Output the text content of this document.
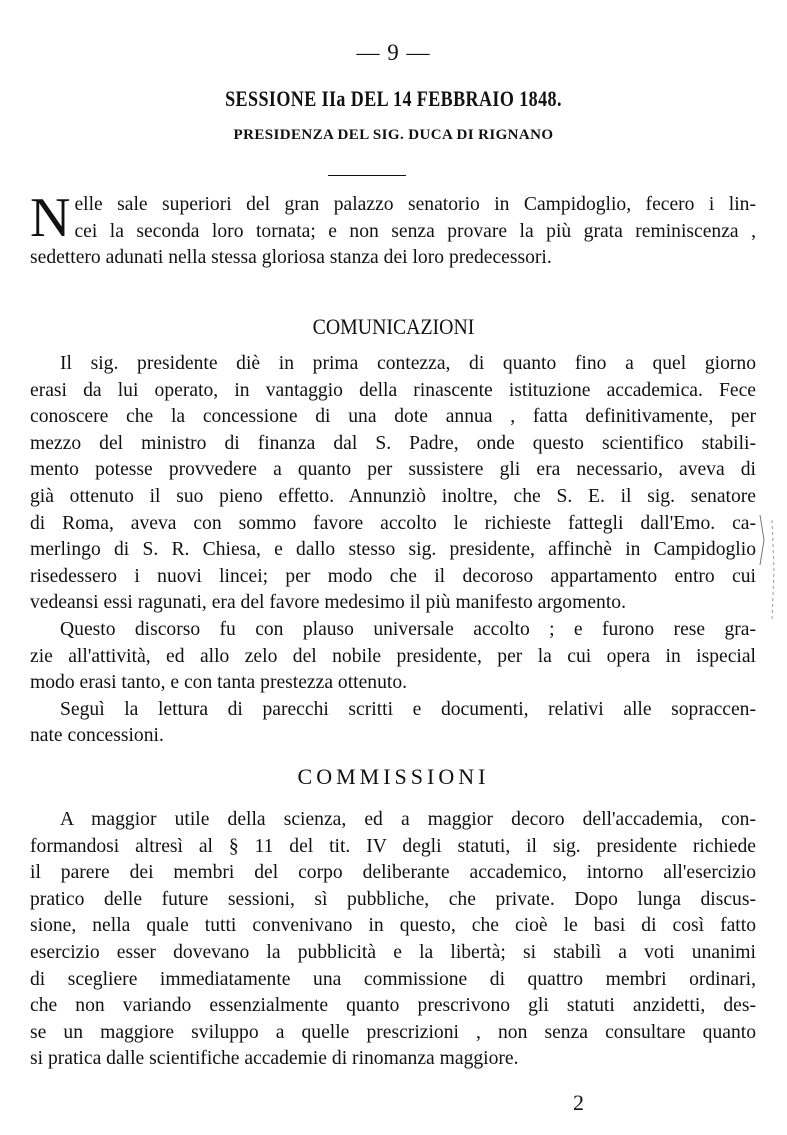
— 9 —
SESSIONE IIa DEL 14 FEBBRAIO 1848.
PRESIDENZA DEL SIG. DUCA DI RIGNANO
N elle sale superiori del gran palazzo senatorio in Campidoglio, fecero i lin-
cei la seconda loro tornata; e non senza provare la più grata reminiscenza ,
sedettero adunati nella stessa gloriosa stanza dei loro predecessori.
COMUNICAZIONI
Il sig. presidente diè in prima contezza, di quanto fino a quel giorno
erasi da lui operato, in vantaggio della rinascente istituzione accademica. Fece
conoscere che la concessione di una dote annua , fatta definitivamente, per
mezzo del ministro di finanza dal S. Padre, onde questo scientifico stabili-
mento potesse provvedere a quanto per sussistere gli era necessario, aveva di
già ottenuto il suo pieno effetto. Annunziò inoltre, che S. E. il sig. senatore
di Roma, aveva con sommo favore accolto le richieste fattegli dall'Emo. ca-
merlingo di S. R. Chiesa, e dallo stesso sig. presidente, affinchè in Campidoglio
risedessero i nuovi lincei; per modo che il decoroso appartamento entro cui
vedeansi essi ragunati, era del favore medesimo il più manifesto argomento.
Questo discorso fu con plauso universale accolto ; e furono rese gra-
zie all'attività, ed allo zelo del nobile presidente, per la cui opera in ispecial
modo erasi tanto, e con tanta prestezza ottenuto.
Seguì la lettura di parecchi scritti e documenti, relativi alle sopraccen-
nate concessioni.
COMMISSIONI
A maggior utile della scienza, ed a maggior decoro dell'accademia, con-
formandosi altresì al § 11 del tit. IV degli statuti, il sig. presidente richiede
il parere dei membri del corpo deliberante accademico, intorno all'esercizio
pratico delle future sessioni, sì pubbliche, che private. Dopo lunga discus-
sione, nella quale tutti convenivano in questo, che cioè le basi di così fatto
esercizio esser dovevano la pubblicità e la libertà; si stabilì a voti unanimi
di scegliere immediatamente una commissione di quattro membri ordinari,
che non variando essenzialmente quanto prescrivono gli statuti anzidetti, des-
se un maggiore sviluppo a quelle prescrizioni , non senza consultare quanto
si pratica dalle scientifiche accademie di rinomanza maggiore.
2
